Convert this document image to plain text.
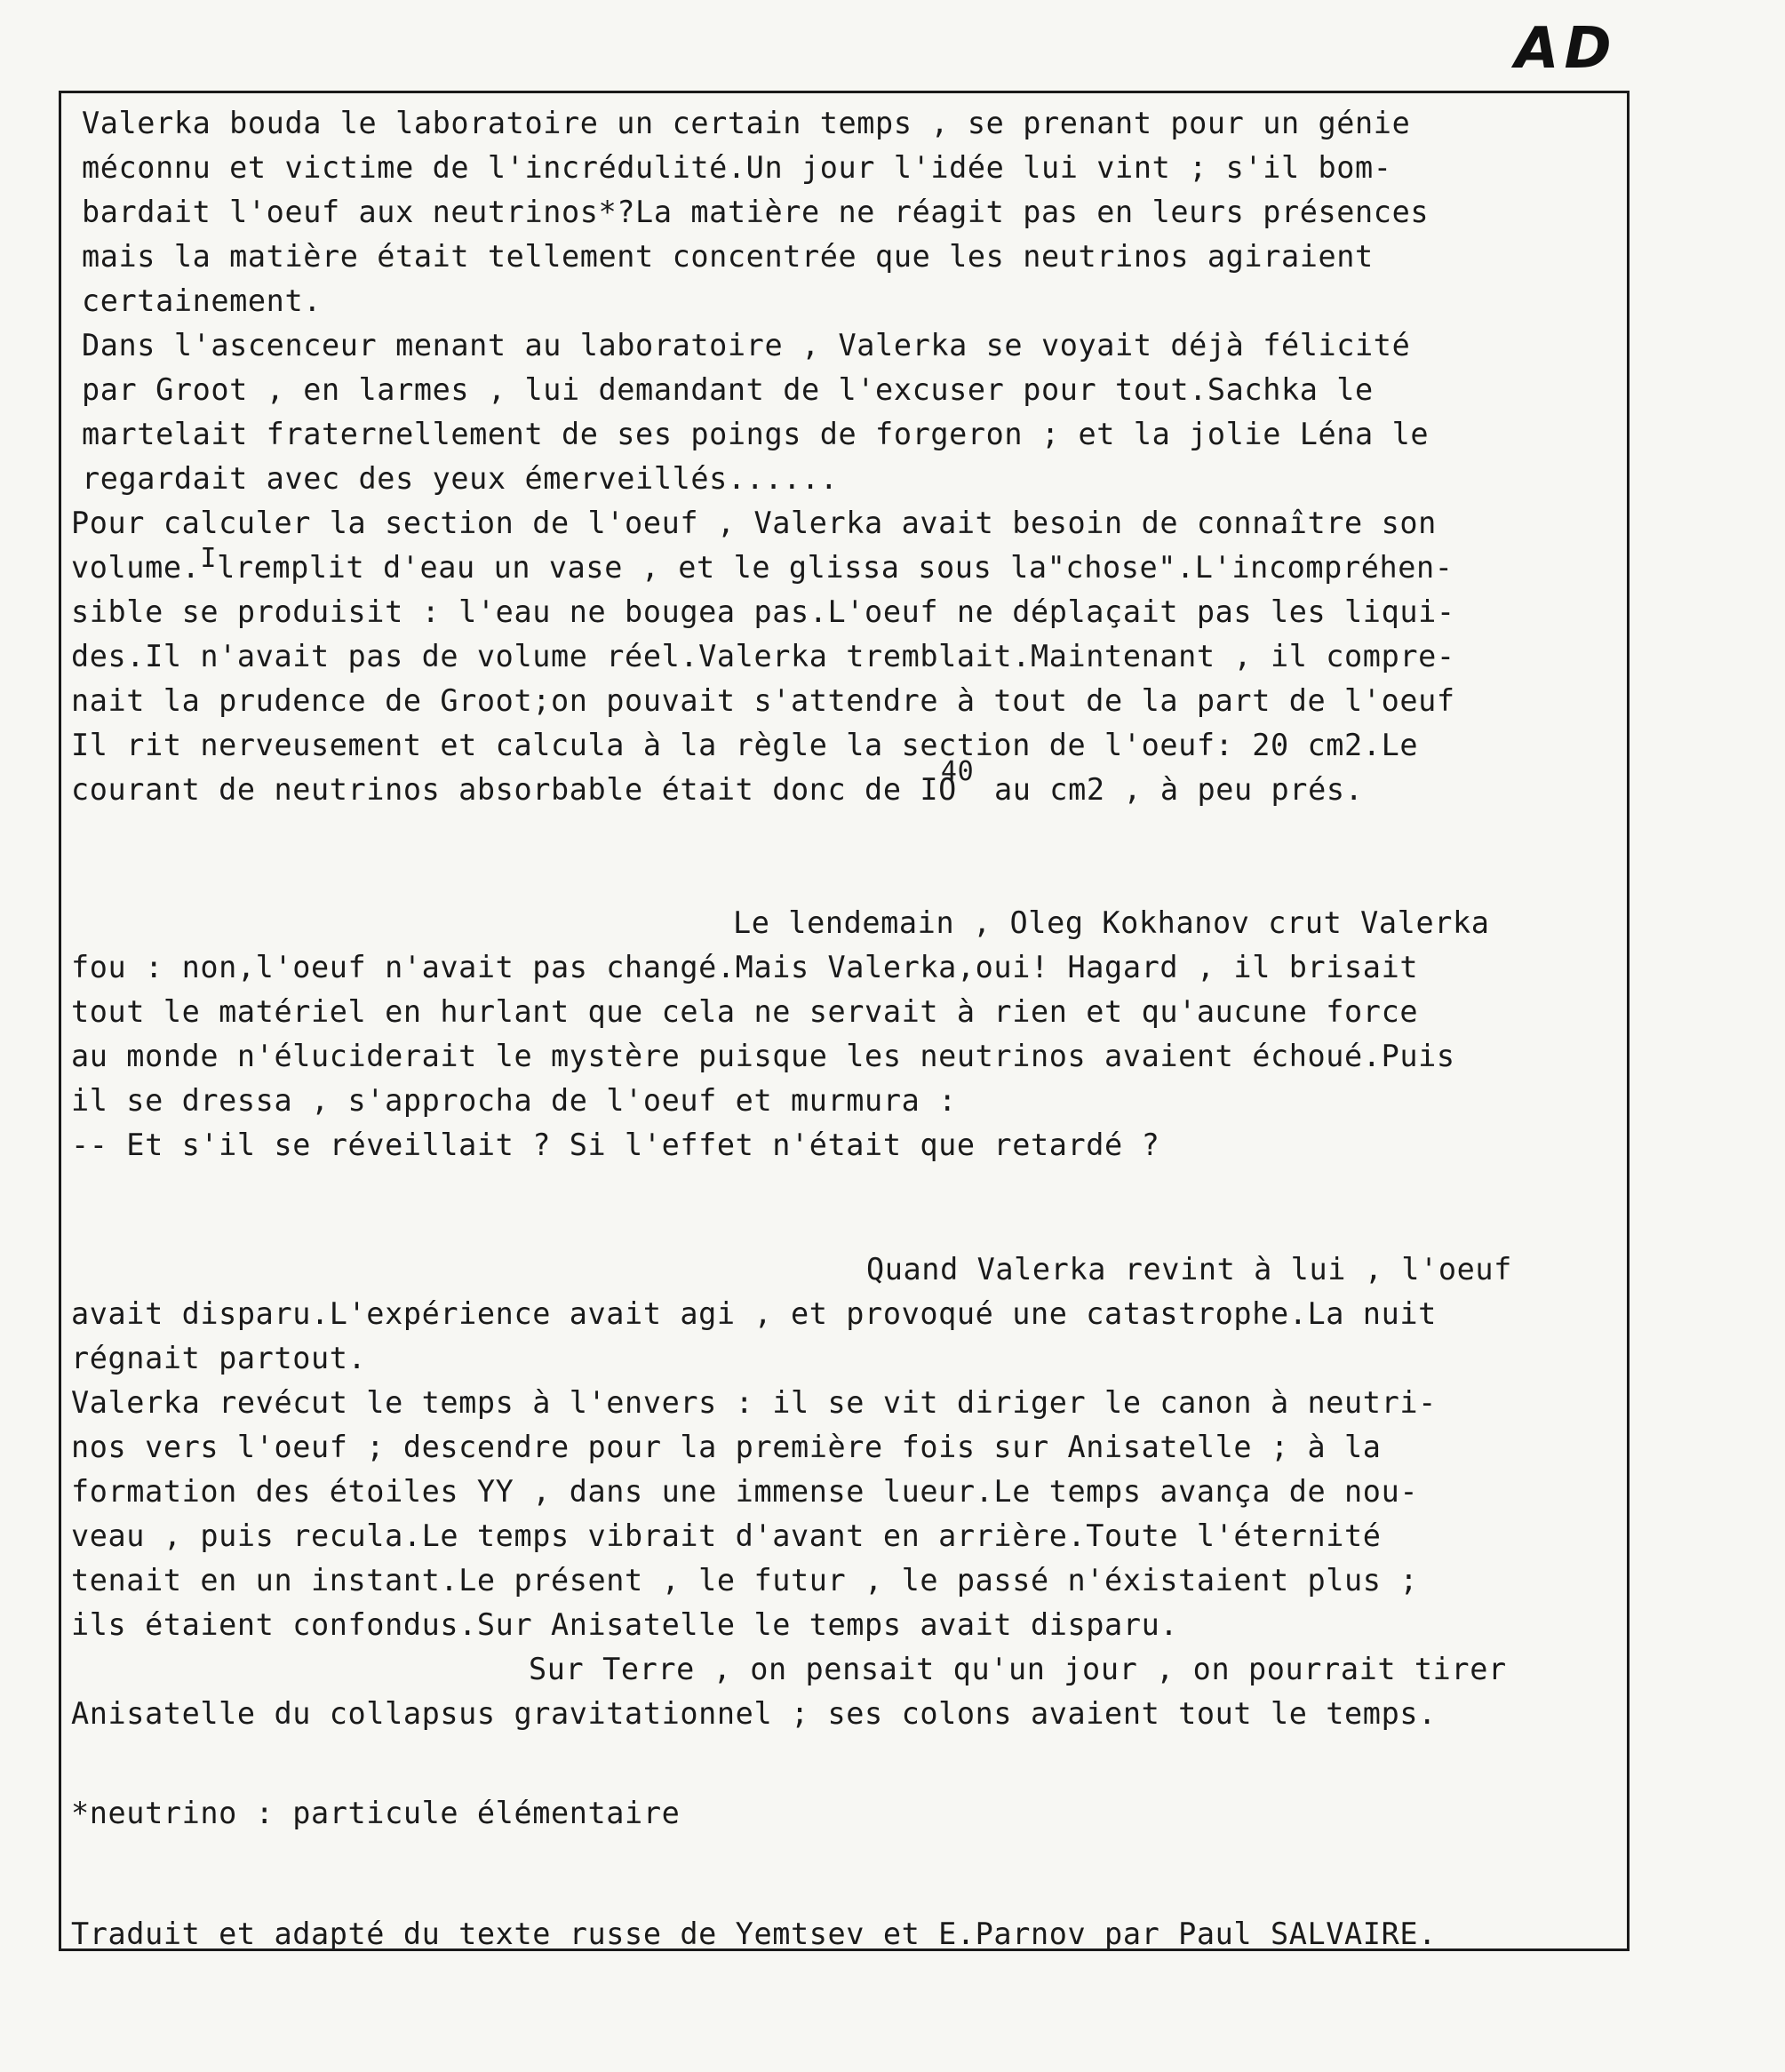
AD
Valerka bouda le laboratoire un certain temps , se prenant pour un génie
méconnu et victime de l'incrédulité.Un jour l'idée lui vint ; s'il bom-
bardait l'oeuf aux neutrinos*?La matière ne réagit pas en leurs présences
mais la matière était tellement concentrée que les neutrinos agiraient
certainement.
Dans l'ascenceur menant au laboratoire , Valerka se voyait déjà félicité
par Groot , en larmes , lui demandant de l'excuser pour tout.Sachka le
martelait fraternellement de ses poings de forgeron ; et la jolie Léna le
regardait avec des yeux émerveillés......
Pour calculer la section de l'oeuf , Valerka avait besoin de connaître son
volume.Ilremplit d'eau un vase , et le glissa sous la"chose".L'incompréhen-
sible se produisit : l'eau ne bougea pas.L'oeuf ne déplaçait pas les liqui-
des.Il n'avait pas de volume réel.Valerka tremblait.Maintenant , il compre-
nait la prudence de Groot;on pouvait s'attendre à tout de la part de l'oeuf
Il rit nerveusement et calcula à la règle la section de l'oeuf: 20 cm2.Le
courant de neutrinos absorbable était donc de IO40 au cm2 , à peu prés.
Le lendemain , Oleg Kokhanov crut Valerka
fou : non,l'oeuf n'avait pas changé.Mais Valerka,oui! Hagard , il brisait
tout le matériel en hurlant que cela ne servait à rien et qu'aucune force
au monde n'éluciderait le mystère puisque les neutrinos avaient échoué.Puis
il se dressa , s'approcha de l'oeuf et murmura :
-- Et s'il se réveillait ? Si l'effet n'était que retardé ?
Quand Valerka revint à lui , l'oeuf
avait disparu.L'expérience avait agi , et provoqué une catastrophe.La nuit
régnait partout.
Valerka revécut le temps à l'envers : il se vit diriger le canon à neutri-
nos vers l'oeuf ; descendre pour la première fois sur Anisatelle ; à la
formation des étoiles YY , dans une immense lueur.Le temps avança de nou-
veau , puis recula.Le temps vibrait d'avant en arrière.Toute l'éternité
tenait en un instant.Le présent , le futur , le passé n'éxistaient plus ;
ils étaient confondus.Sur Anisatelle le temps avait disparu.
Sur Terre , on pensait qu'un jour , on pourrait tirer
Anisatelle du collapsus gravitationnel ; ses colons avaient tout le temps.
*neutrino : particule élémentaire
Traduit et adapté du texte russe de Yemtsev et E.Parnov par Paul SALVAIRE.
